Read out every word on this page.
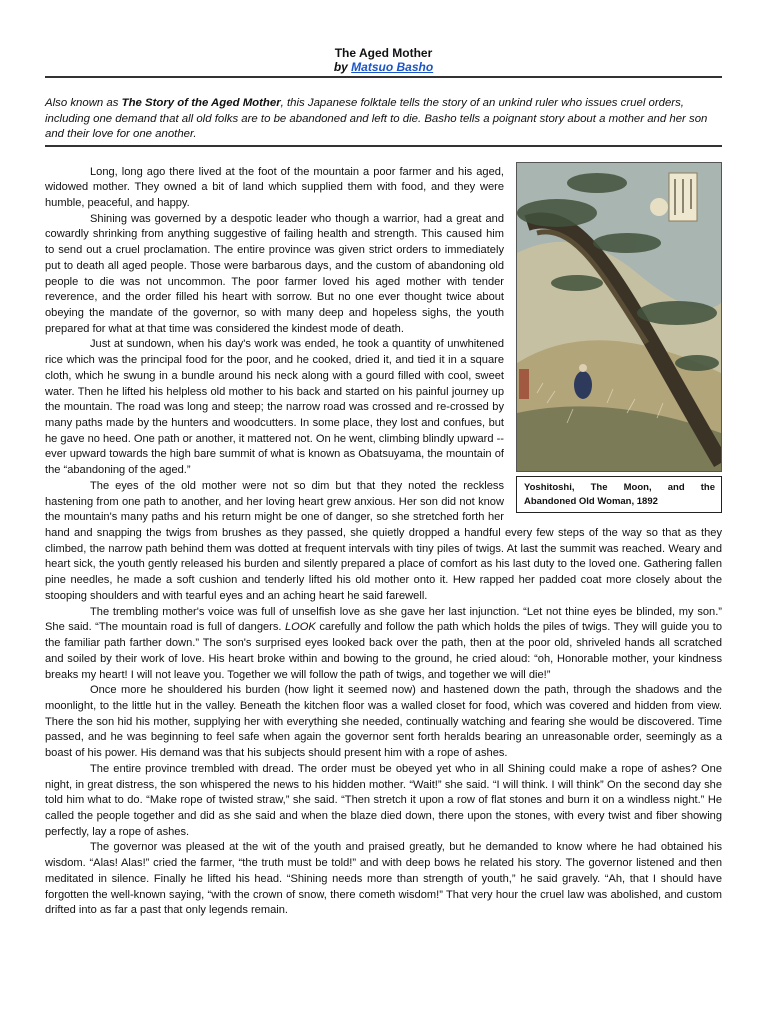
The Aged Mother
by Matsuo Basho
Also known as The Story of the Aged Mother, this Japanese folktale tells the story of an unkind ruler who issues cruel orders, including one demand that all old folks are to be abandoned and left to die. Basho tells a poignant story about a mother and her son and their love for one another.
Yoshitoshi, The Moon, and the Abandoned Old Woman, 1892

Long, long ago there lived at the foot of the mountain a poor farmer and his aged, widowed mother. They owned a bit of land which supplied them with food, and they were humble, peaceful, and happy.

Shining was governed by a despotic leader who though a warrior, had a great and cowardly shrinking from anything suggestive of failing health and strength. This caused him to send out a cruel proclamation. The entire province was given strict orders to immediately put to death all aged people. Those were barbarous days, and the custom of abandoning old people to die was not uncommon. The poor farmer loved his aged mother with tender reverence, and the order filled his heart with sorrow. But no one ever thought twice about obeying the mandate of the governor, so with many deep and hopeless sighs, the youth prepared for what at that time was considered the kindest mode of death.

Just at sundown, when his day's work was ended, he took a quantity of unwhitened rice which was the principal food for the poor, and he cooked, dried it, and tied it in a square cloth, which he swung in a bundle around his neck along with a gourd filled with cool, sweet water. Then he lifted his helpless old mother to his back and started on his painful journey up the mountain. The road was long and steep; the narrow road was crossed and re-crossed by many paths made by the hunters and woodcutters. In some place, they lost and confues, but he gave no heed. One path or another, it mattered not. On he went, climbing blindly upward -- ever upward towards the high bare summit of what is known as Obatsuyama, the mountain of the “abandoning of the aged.”

The eyes of the old mother were not so dim but that they noted the reckless hastening from one path to another, and her loving heart grew anxious. Her son did not know the mountain's many paths and his return might be one of danger, so she stretched forth her hand and snapping the twigs from brushes as they passed, she quietly dropped a handful every few steps of the way so that as they climbed, the narrow path behind them was dotted at frequent intervals with tiny piles of twigs. At last the summit was reached. Weary and heart sick, the youth gently released his burden and silently prepared a place of comfort as his last duty to the loved one. Gathering fallen pine needles, he made a soft cushion and tenderly lifted his old mother onto it. Hew rapped her padded coat more closely about the stooping shoulders and with tearful eyes and an aching heart he said farewell.

The trembling mother's voice was full of unselfish love as she gave her last injunction. “Let not thine eyes be blinded, my son.” She said. “The mountain road is full of dangers. LOOK carefully and follow the path which holds the piles of twigs. They will guide you to the familiar path farther down.” The son's surprised eyes looked back over the path, then at the poor old, shriveled hands all scratched and soiled by their work of love. His heart broke within and bowing to the ground, he cried aloud: “oh, Honorable mother, your kindness breaks my heart! I will not leave you. Together we will follow the path of twigs, and together we will die!”

Once more he shouldered his burden (how light it seemed now) and hastened down the path, through the shadows and the moonlight, to the little hut in the valley. Beneath the kitchen floor was a walled closet for food, which was covered and hidden from view. There the son hid his mother, supplying her with everything she needed, continually watching and fearing she would be discovered. Time passed, and he was beginning to feel safe when again the governor sent forth heralds bearing an unreasonable order, seemingly as a boast of his power. His demand was that his subjects should present him with a rope of ashes.

The entire province trembled with dread. The order must be obeyed yet who in all Shining could make a rope of ashes? One night, in great distress, the son whispered the news to his hidden mother. “Wait!” she said. “I will think. I will think” On the second day she told him what to do. “Make rope of twisted straw,” she said. “Then stretch it upon a row of flat stones and burn it on a windless night.” He called the people together and did as she said and when the blaze died down, there upon the stones, with every twist and fiber showing perfectly, lay a rope of ashes.

The governor was pleased at the wit of the youth and praised greatly, but he demanded to know where he had obtained his wisdom. “Alas! Alas!” cried the farmer, “the truth must be told!” and with deep bows he related his story. The governor listened and then meditated in silence. Finally he lifted his head. “Shining needs more than strength of youth,” he said gravely. “Ah, that I should have forgotten the well-known saying, “with the crown of snow, there cometh wisdom!” That very hour the cruel law was abolished, and custom drifted into as far a past that only legends remain.
